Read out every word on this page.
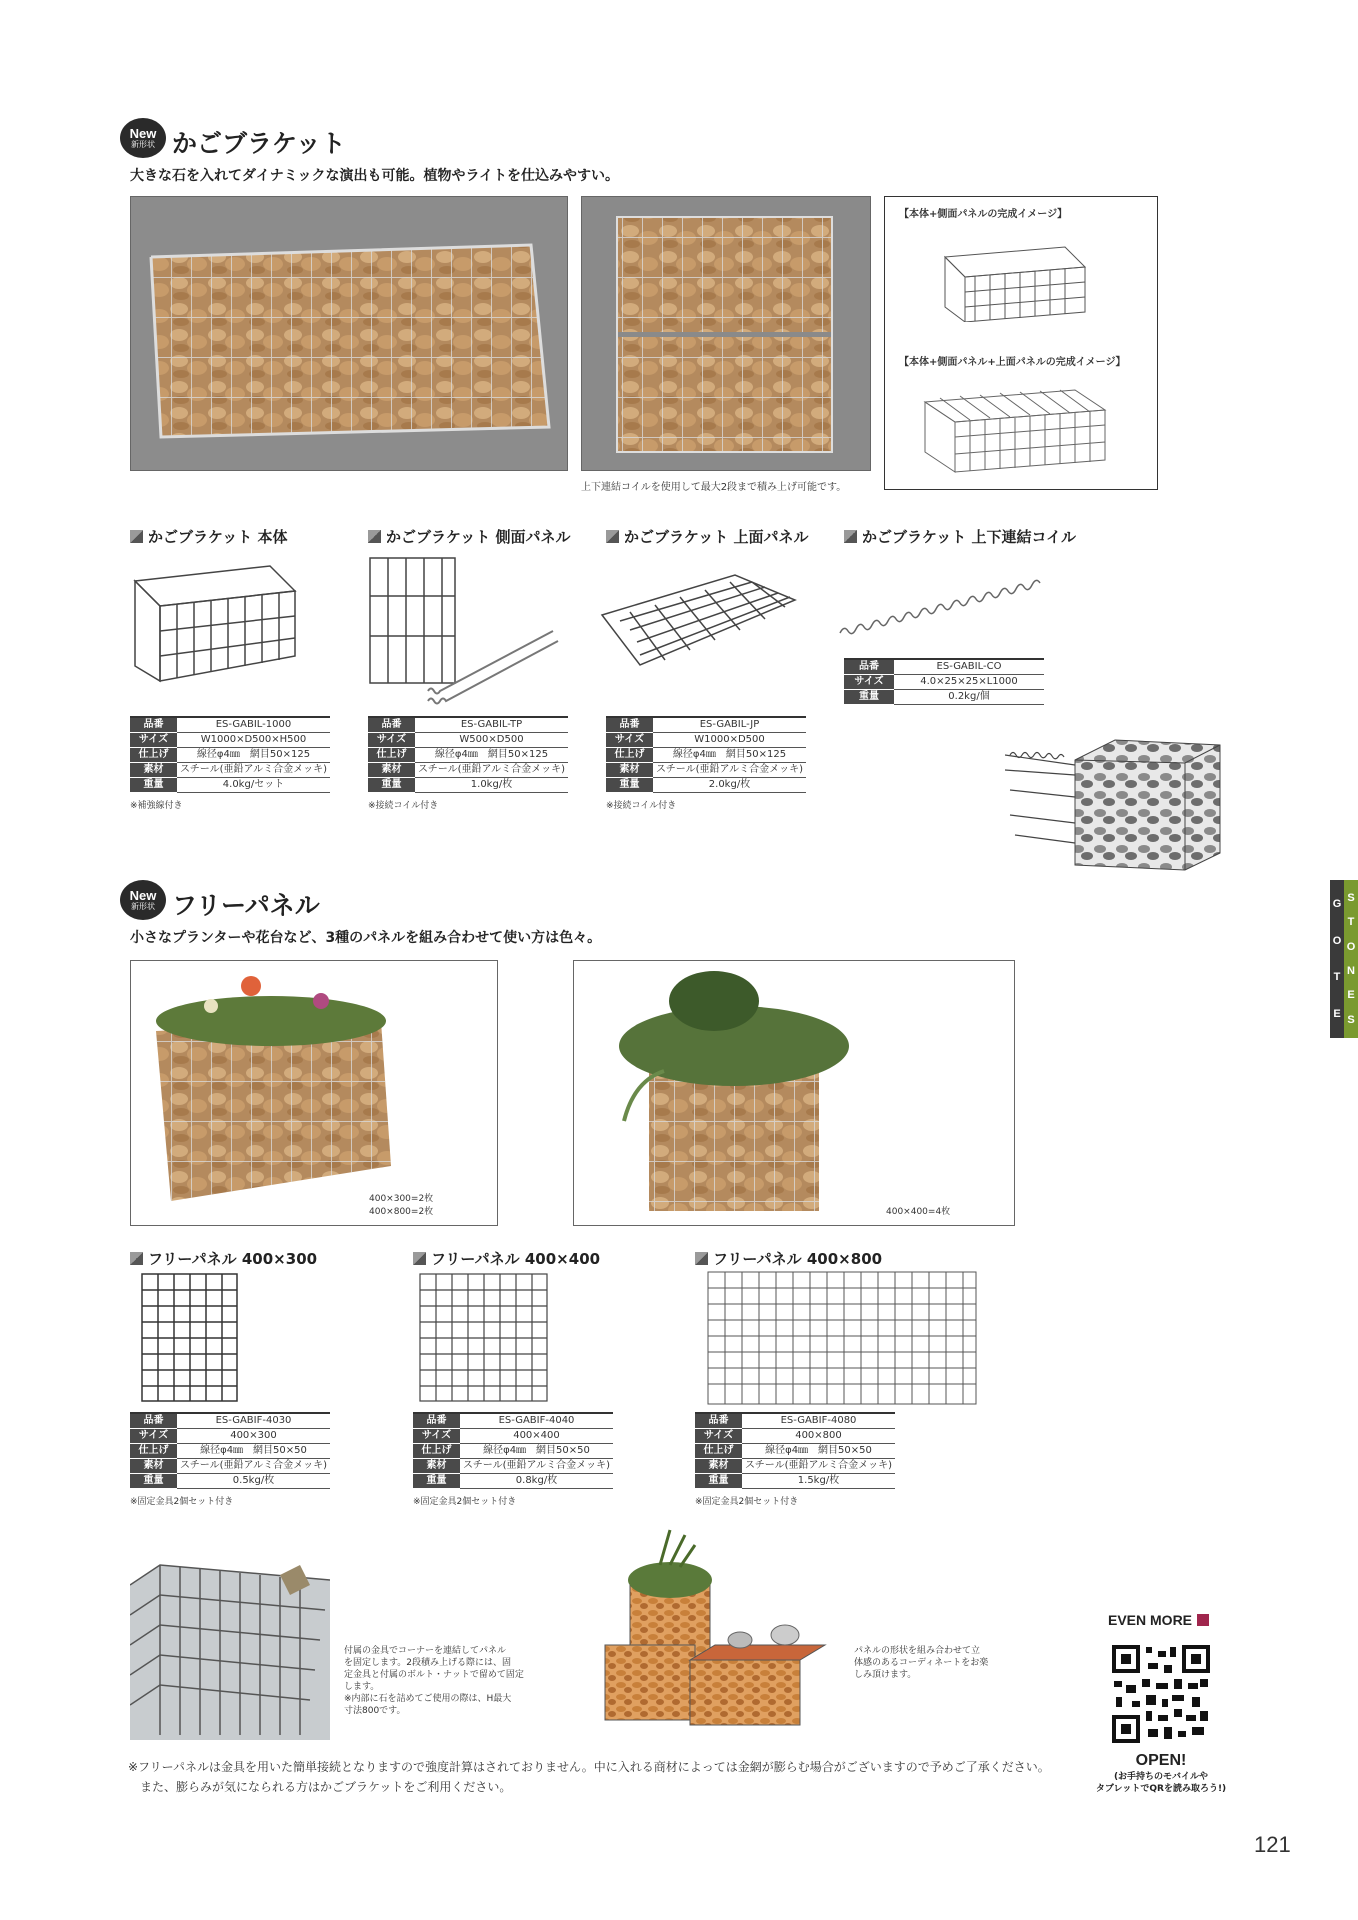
New
新形状 かごブラケット
大きな石を入れてダイナミックな演出も可能。植物やライトを仕込みやすい。
上下連結コイルを使用して最大2段まで積み上げ可能です。
【本体+側面パネルの完成イメージ】
【本体+側面パネル+上面パネルの完成イメージ】
かごブラケット 本体
品番	ES-GABIL-1000
サイズ	W1000×D500×H500
仕上げ	線径φ4㎜　網目50×125
素材	スチール(亜鉛アルミ合金メッキ)
重量	4.0kg/セット
※補強線付き
かごブラケット 側面パネル
品番	ES-GABIL-TP
サイズ	W500×D500
仕上げ	線径φ4㎜　網目50×125
素材	スチール(亜鉛アルミ合金メッキ)
重量	1.0kg/枚
※接続コイル付き
かごブラケット 上面パネル
品番	ES-GABIL-JP
サイズ	W1000×D500
仕上げ	線径φ4㎜　網目50×125
素材	スチール(亜鉛アルミ合金メッキ)
重量	2.0kg/枚
※接続コイル付き
かごブラケット 上下連結コイル
品番	ES-GABIL-CO
サイズ	4.0×25×25×L1000
重量	0.2kg/個
G
O
T
E
S
T
O
N
E
S
New
新形状 フリーパネル
小さなプランターや花台など、3種のパネルを組み合わせて使い方は色々。
400×300=2枚
400×800=2枚	400×400=4枚
フリーパネル 400×300
品番	ES-GABIF-4030
サイズ	400×300
仕上げ	線径φ4㎜　網目50×50
素材	スチール(亜鉛アルミ合金メッキ)
重量	0.5kg/枚
※固定金具2個セット付き
フリーパネル 400×400
品番	ES-GABIF-4040
サイズ	400×400
仕上げ	線径φ4㎜　網目50×50
素材	スチール(亜鉛アルミ合金メッキ)
重量	0.8kg/枚
※固定金具2個セット付き
フリーパネル 400×800
品番	ES-GABIF-4080
サイズ	400×800
仕上げ	線径φ4㎜　網目50×50
素材	スチール(亜鉛アルミ合金メッキ)
重量	1.5kg/枚
※固定金具2個セット付き
付属の金具でコーナーを連結してパネル
を固定します。2段積み上げる際には、固
定金具と付属のボルト・ナットで留めて固定
します。
※内部に石を詰めてご使用の際は、H最大
寸法800です。
パネルの形状を組み合わせて立
体感のあるコーディネートをお楽
しみ頂けます。
EVEN MORE
OPEN!
(お手持ちのモバイルや
タブレットでQRを読み取ろう!)
※フリーパネルは金具を用いた簡単接続となりますので強度計算はされておりません。中に入れる商材によっては金網が膨らむ場合がございますので予めご了承ください。
　また、膨らみが気になられる方はかごブラケットをご利用ください。
121
